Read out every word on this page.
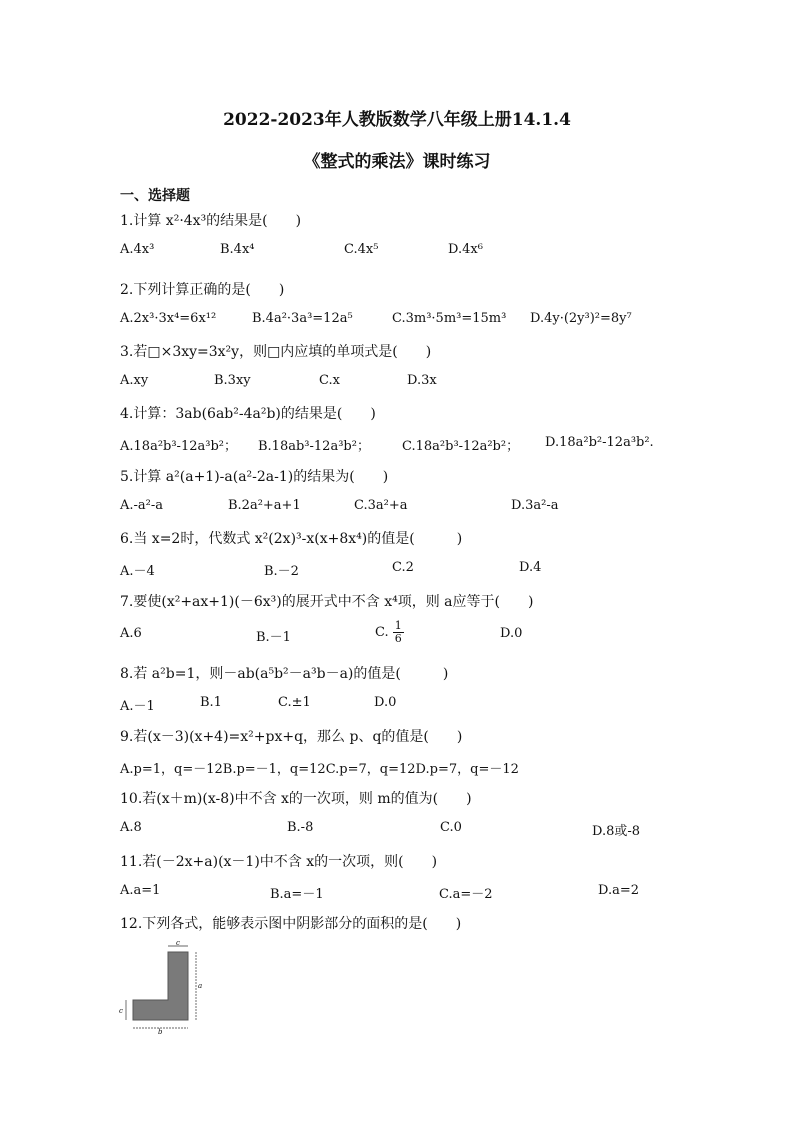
2022-2023年人教版数学八年级上册14.1.4
《整式的乘法》课时练习
一、选择题
1.计算 x²·4x³的结果是(　　)
A.4x³	B.4x⁴	C.4x⁵	D.4x⁶
2.下列计算正确的是(　　)
A.2x³·3x⁴=6x¹²	B.4a²·3a³=12a⁵	C.3m³·5m³=15m³ D.4y·(2y³)²=8y⁷
3.若□×3xy=3x²y，则□内应填的单项式是(　　)
A.xy	B.3xy	C.x	D.3x
4.计算：3ab(6ab²-4a²b)的结果是(　　)
A.18a²b³-12a³b²； B.18ab³-12a³b²； C.18a²b³-12a²b²； D.18a²b²-12a³b².
5.计算 a²(a+1)-a(a²-2a-1)的结果为(　　)
A.-a²-a	B.2a²+a+1	C.3a²+a	D.3a²-a
6.当 x=2时，代数式 x²(2x)³-x(x+8x⁴)的值是(　　　)
A.－4	B.－2	C.2	D.4
7.要使(x²+ax+1)(－6x³)的展开式中不含 x⁴项，则 a应等于(　　)
A.6	B.－1	C. $\frac{1}{6}$	D.0
8.若 a²b=1，则－ab(a⁵b²－a³b－a)的值是(　　　)
A.－1	B.1	C.±1	D.0
9.若(x－3)(x+4)=x²+px+q，那么 p、q的值是(　　)
A.p=1，q=－12B.p=－1，q=12C.p=7，q=12D.p=7，q=－12
10.若(x＋m)(x-8)中不含 x的一次项，则 m的值为(　　)
A.8	B.-8	C.0	D.8或-8
11.若(－2x+a)(x－1)中不含 x的一次项，则(　　)
A.a=1	B.a=－1	C.a=－2	D.a=2
12.下列各式，能够表示图中阴影部分的面积的是(　　)
c
a
c
b
